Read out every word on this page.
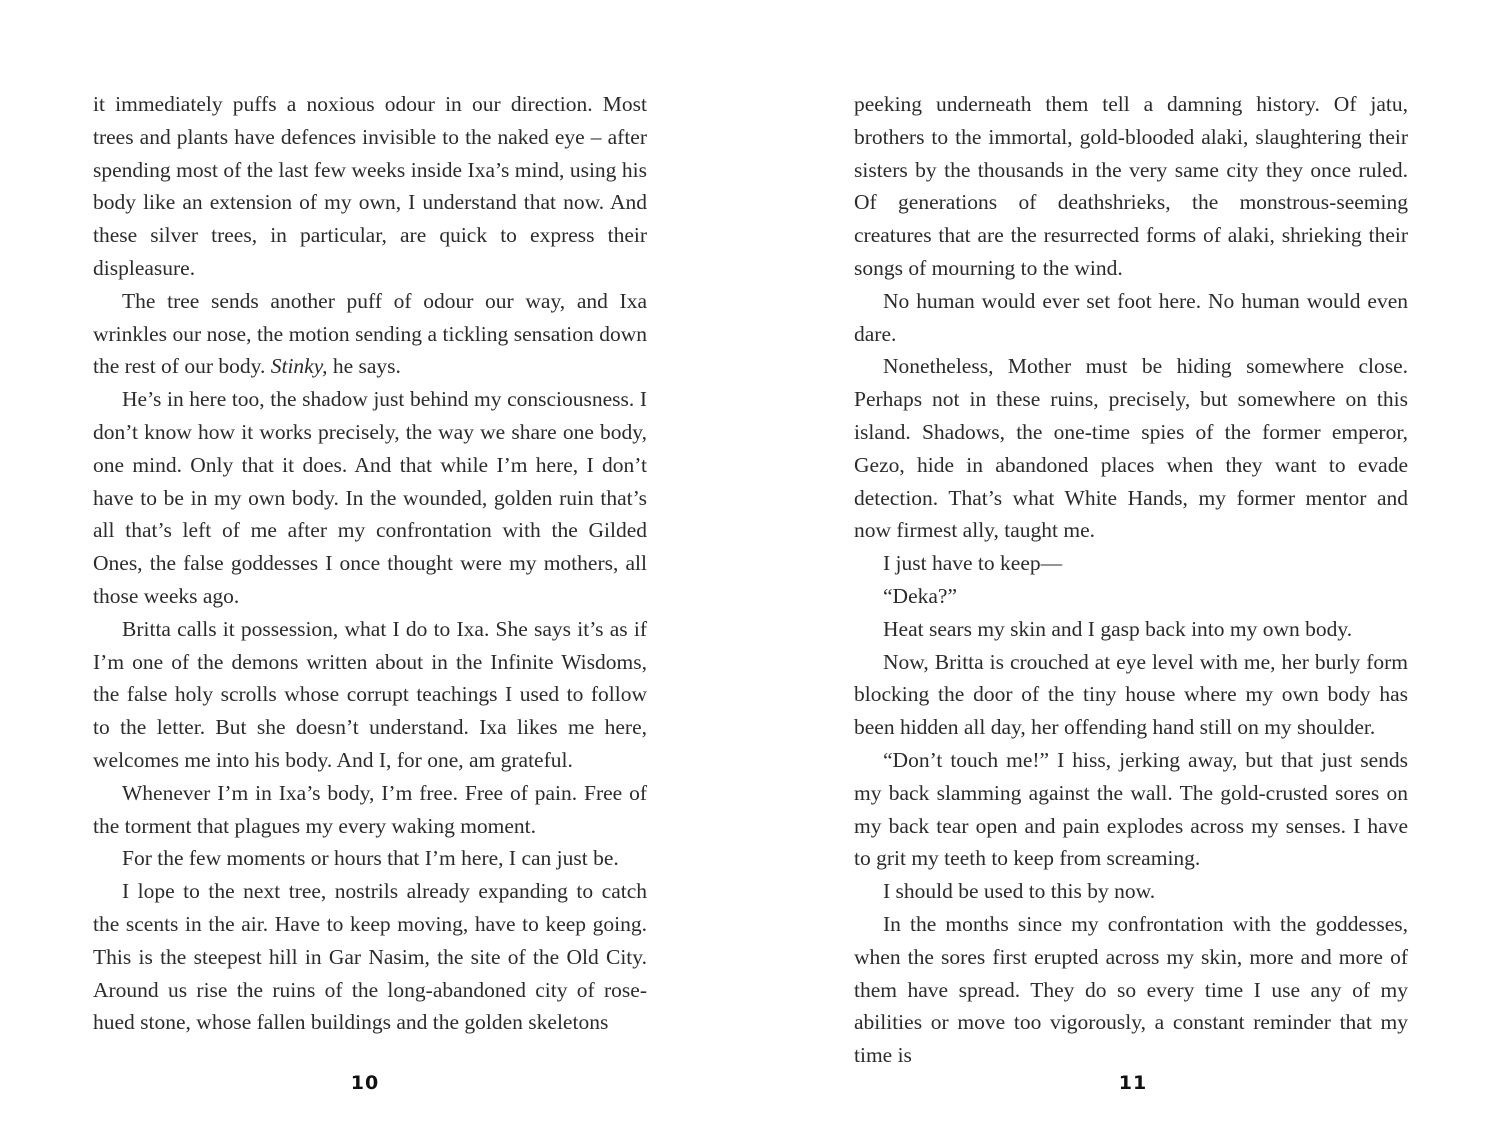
it immediately puffs a noxious odour in our direction. Most trees and plants have defences invisible to the naked eye – after spending most of the last few weeks inside Ixa’s mind, using his body like an extension of my own, I understand that now. And these silver trees, in particular, are quick to express their displeasure.

The tree sends another puff of odour our way, and Ixa wrinkles our nose, the motion sending a tickling sensation down the rest of our body. Stinky, he says.

He’s in here too, the shadow just behind my consciousness. I don’t know how it works precisely, the way we share one body, one mind. Only that it does. And that while I’m here, I don’t have to be in my own body. In the wounded, golden ruin that’s all that’s left of me after my confrontation with the Gilded Ones, the false goddesses I once thought were my mothers, all those weeks ago.

Britta calls it possession, what I do to Ixa. She says it’s as if I’m one of the demons written about in the Infinite Wisdoms, the false holy scrolls whose corrupt teachings I used to follow to the letter. But she doesn’t understand. Ixa likes me here, welcomes me into his body. And I, for one, am grateful.

Whenever I’m in Ixa’s body, I’m free. Free of pain. Free of the torment that plagues my every waking moment.

For the few moments or hours that I’m here, I can just be.

I lope to the next tree, nostrils already expanding to catch the scents in the air. Have to keep moving, have to keep going. This is the steepest hill in Gar Nasim, the site of the Old City. Around us rise the ruins of the long-abandoned city of rose-hued stone, whose fallen buildings and the golden skeletons

10

peeking underneath them tell a damning history. Of jatu, brothers to the immortal, gold-blooded alaki, slaughtering their sisters by the thousands in the very same city they once ruled. Of generations of deathshrieks, the monstrous-seeming creatures that are the resurrected forms of alaki, shrieking their songs of mourning to the wind.

No human would ever set foot here. No human would even dare.

Nonetheless, Mother must be hiding somewhere close. Perhaps not in these ruins, precisely, but somewhere on this island. Shadows, the one-time spies of the former emperor, Gezo, hide in abandoned places when they want to evade detection. That’s what White Hands, my former mentor and now firmest ally, taught me.

I just have to keep—

“Deka?”

Heat sears my skin and I gasp back into my own body.

Now, Britta is crouched at eye level with me, her burly form blocking the door of the tiny house where my own body has been hidden all day, her offending hand still on my shoulder.

“Don’t touch me!” I hiss, jerking away, but that just sends my back slamming against the wall. The gold-crusted sores on my back tear open and pain explodes across my senses. I have to grit my teeth to keep from screaming.

I should be used to this by now.

In the months since my confrontation with the goddesses, when the sores first erupted across my skin, more and more of them have spread. They do so every time I use any of my abilities or move too vigorously, a constant reminder that my time is

11
